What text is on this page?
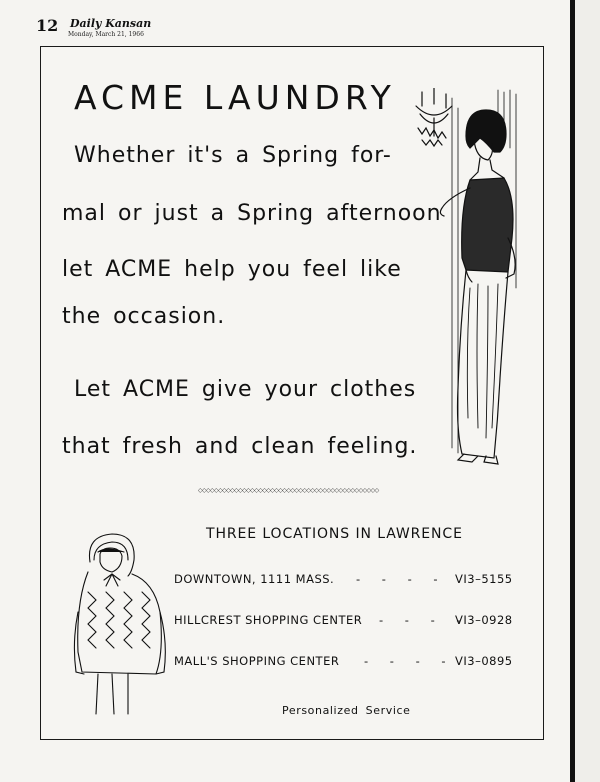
12 Daily Kansan
Monday, March 21, 1966
ACME LAUNDRY
Whether it's a Spring for-
mal or just a Spring afternoon
let ACME help you feel like
the occasion.
Let ACME give your clothes
that fresh and clean feeling.
◇◇◇◇◇◇◇◇◇◇◇◇◇◇◇◇◇◇◇◇◇◇◇◇◇◇◇◇◇◇◇◇◇◇◇◇◇◇◇◇◇◇◇◇◇
THREE LOCATIONS IN LAWRENCE
DOWNTOWN, 1111 MASS. - - - - VI3–5155
HILLCREST SHOPPING CENTER - - - -
VI3–0928
MALL'S SHOPPING CENTER - - - - VI3–0895
Personalized Service
